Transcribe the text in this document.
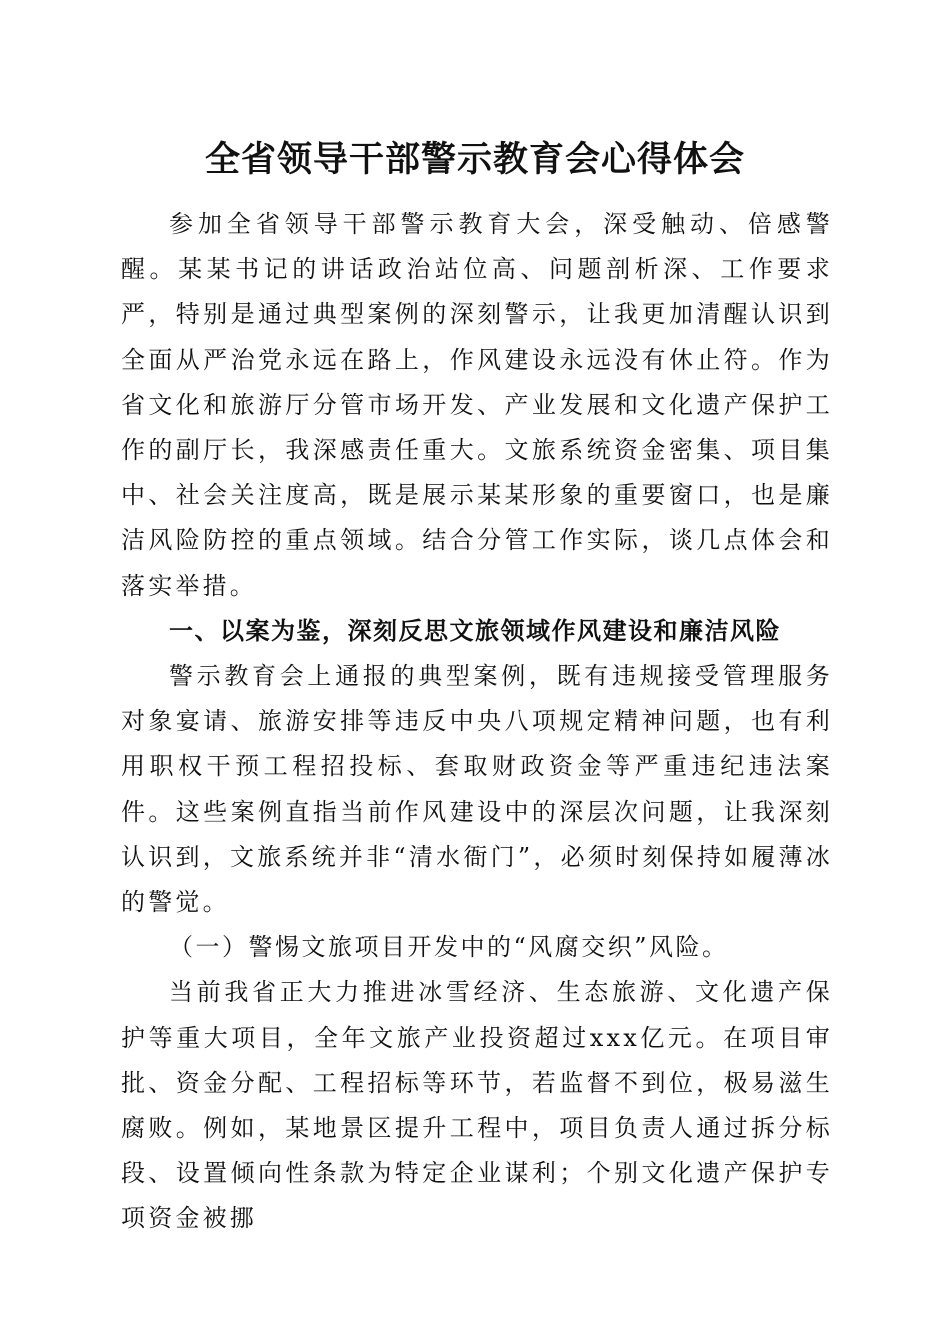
全省领导干部警示教育会心得体会

参加全省领导干部警示教育大会，深受触动、倍感警醒。某某书记的讲话政治站位高、问题剖析深、工作要求严，特别是通过典型案例的深刻警示，让我更加清醒认识到全面从严治党永远在路上，作风建设永远没有休止符。作为省文化和旅游厅分管市场开发、产业发展和文化遗产保护工作的副厅长，我深感责任重大。文旅系统资金密集、项目集中、社会关注度高，既是展示某某形象的重要窗口，也是廉洁风险防控的重点领域。结合分管工作实际，谈几点体会和落实举措。

一、以案为鉴，深刻反思文旅领域作风建设和廉洁风险

警示教育会上通报的典型案例，既有违规接受管理服务对象宴请、旅游安排等违反中央八项规定精神问题，也有利用职权干预工程招投标、套取财政资金等严重违纪违法案件。这些案例直指当前作风建设中的深层次问题，让我深刻认识到，文旅系统并非“清水衙门”，必须时刻保持如履薄冰的警觉。

（一）警惕文旅项目开发中的“风腐交织”风险。

当前我省正大力推进冰雪经济、生态旅游、文化遗产保护等重大项目，全年文旅产业投资超过xxx亿元。在项目审批、资金分配、工程招标等环节，若监督不到位，极易滋生腐败。例如，某地景区提升工程中，项目负责人通过拆分标段、设置倾向性条款为特定企业谋利；个别文化遗产保护专项资金被挪
